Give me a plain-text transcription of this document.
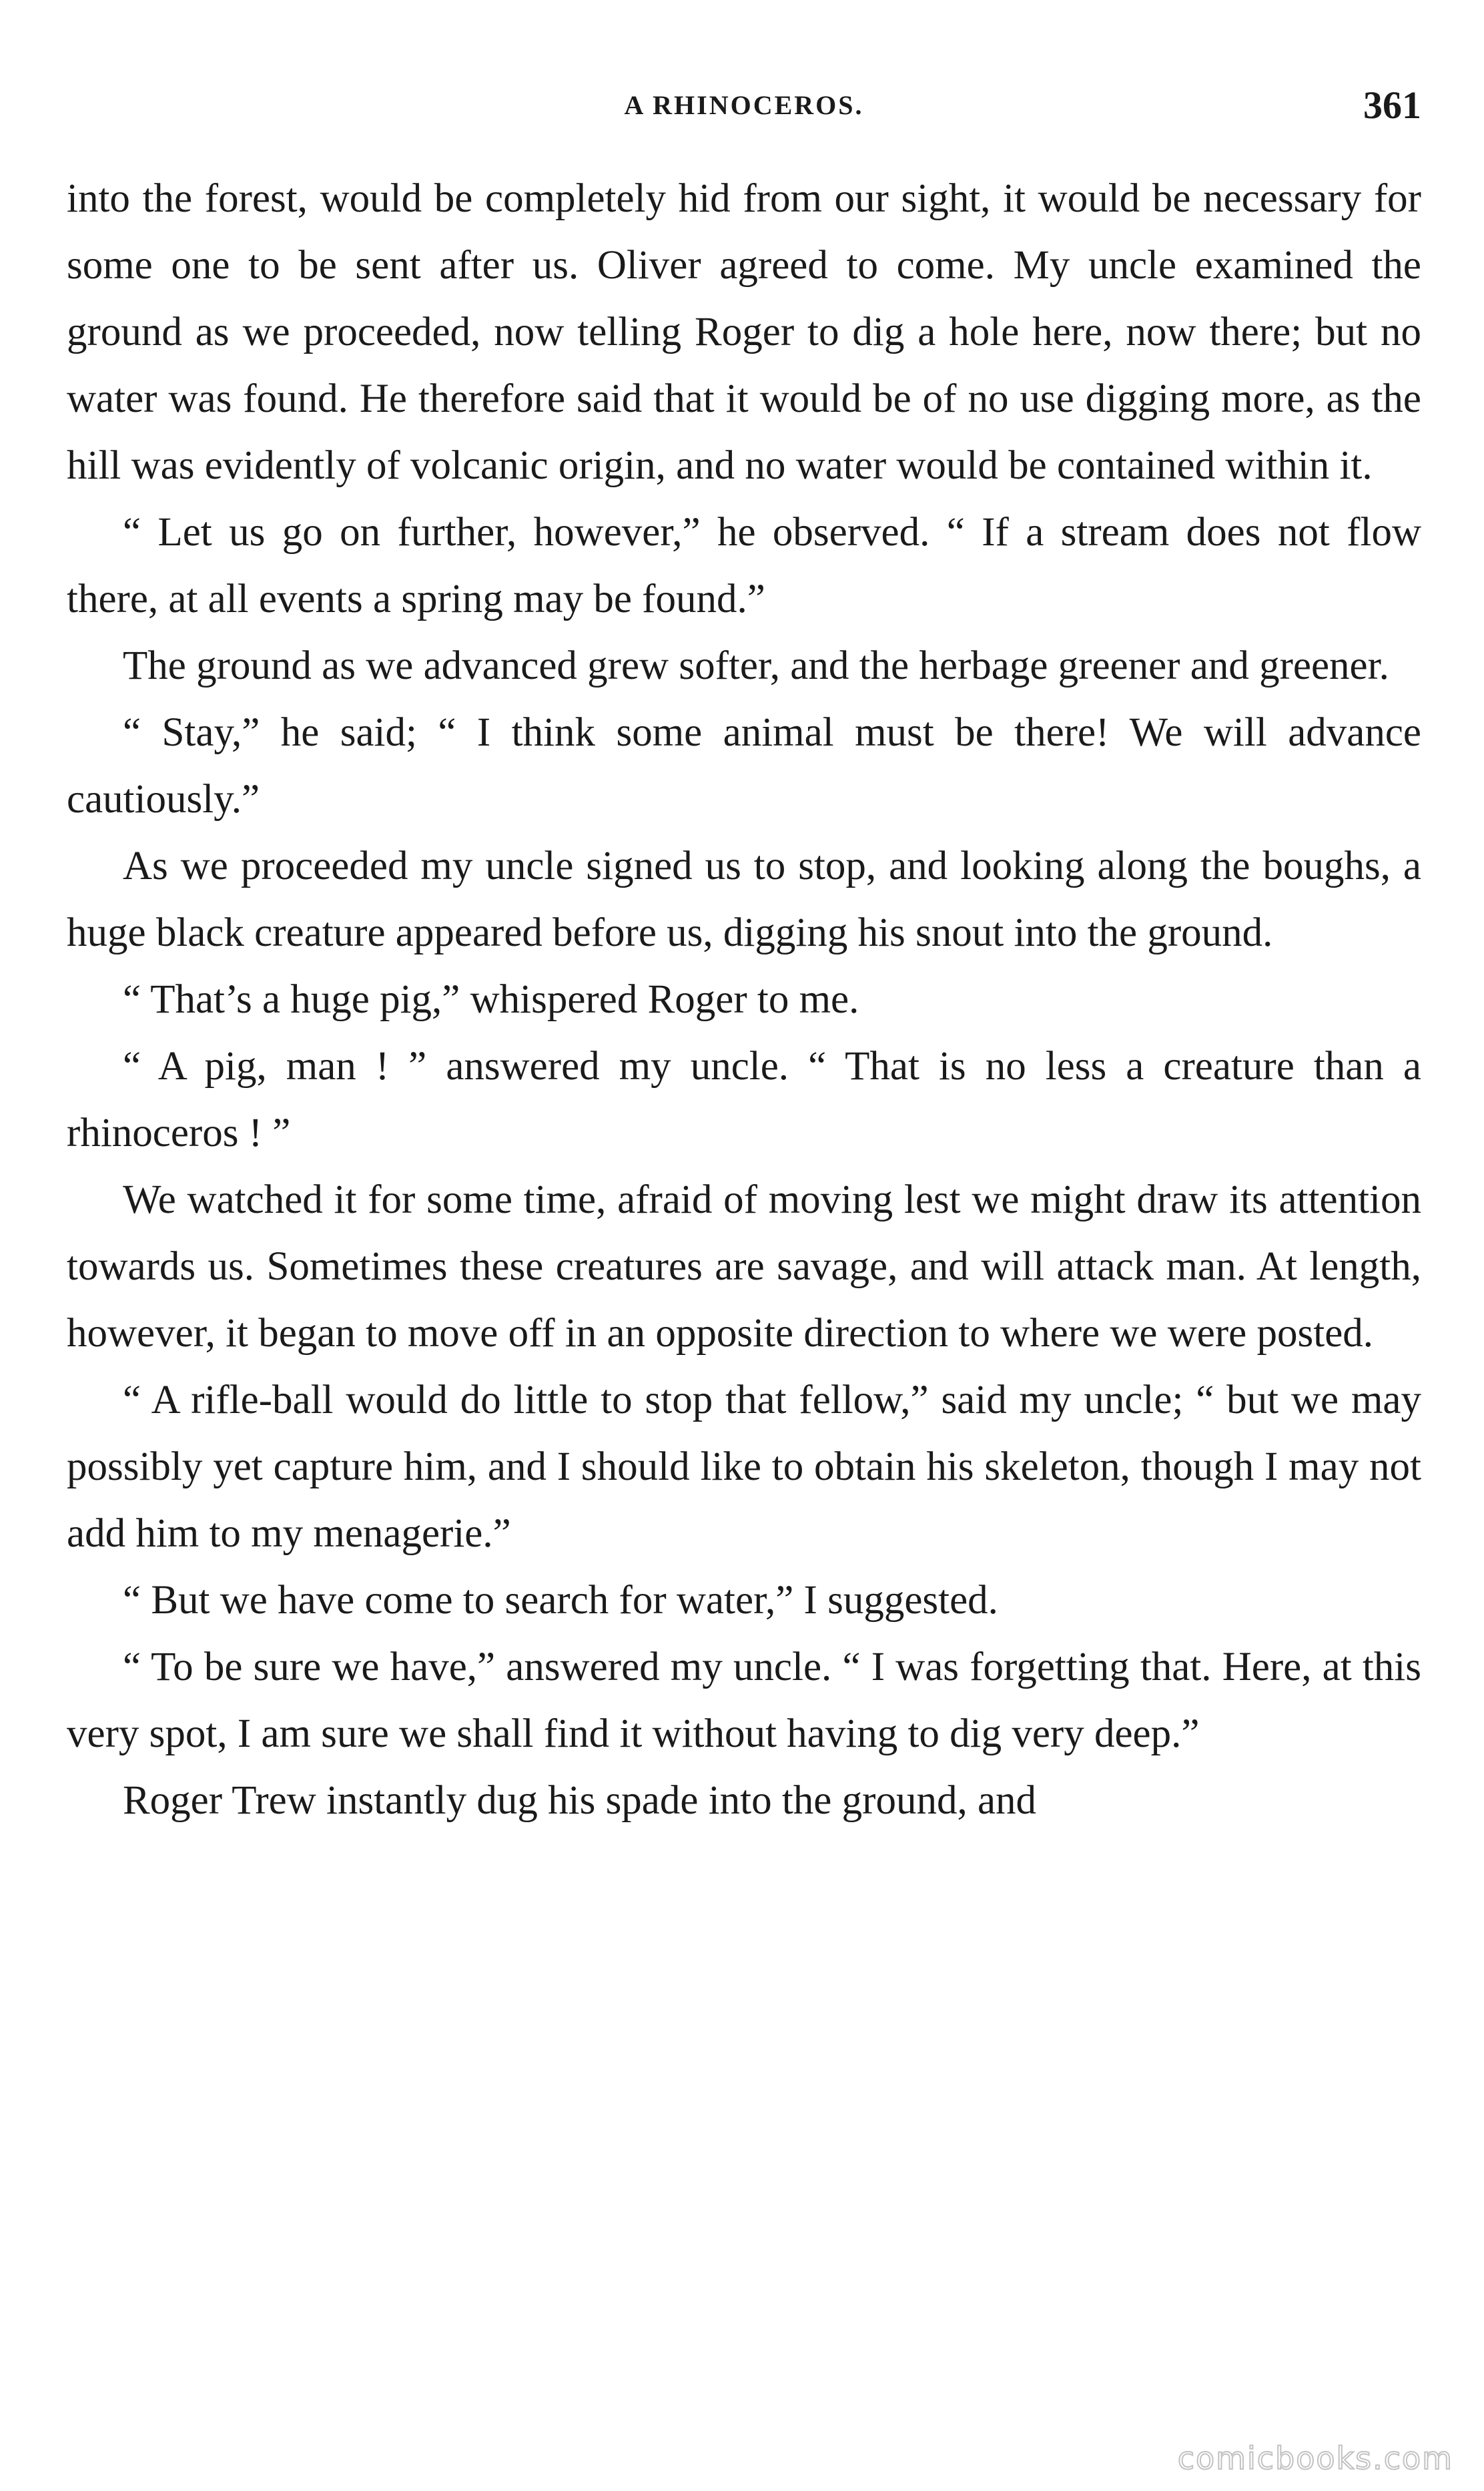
A RHINOCEROS.	361

into the forest, would be completely hid from our sight, it would be necessary for some one to be sent after us. Oliver agreed to come. My uncle examined the ground as we proceeded, now telling Roger to dig a hole here, now there; but no water was found. He therefore said that it would be of no use digging more, as the hill was evidently of volcanic origin, and no water would be contained within it.

“ Let us go on further, however,” he observed. “ If a stream does not flow there, at all events a spring may be found.”

The ground as we advanced grew softer, and the herbage greener and greener.

“ Stay,” he said; “ I think some animal must be there! We will advance cautiously.”

As we proceeded my uncle signed us to stop, and looking along the boughs, a huge black creature appeared before us, digging his snout into the ground.

“ That’s a huge pig,” whispered Roger to me.

“ A pig, man ! ” answered my uncle. “ That is no less a creature than a rhinoceros ! ”

We watched it for some time, afraid of moving lest we might draw its attention towards us. Sometimes these creatures are savage, and will attack man. At length, however, it began to move off in an opposite direction to where we were posted.

“ A rifle-ball would do little to stop that fellow,” said my uncle; “ but we may possibly yet capture him, and I should like to obtain his skeleton, though I may not add him to my menagerie.”

“ But we have come to search for water,” I suggested.

“ To be sure we have,” answered my uncle. “ I was forgetting that. Here, at this very spot, I am sure we shall find it without having to dig very deep.”

Roger Trew instantly dug his spade into the ground, and

comicbooks.com
